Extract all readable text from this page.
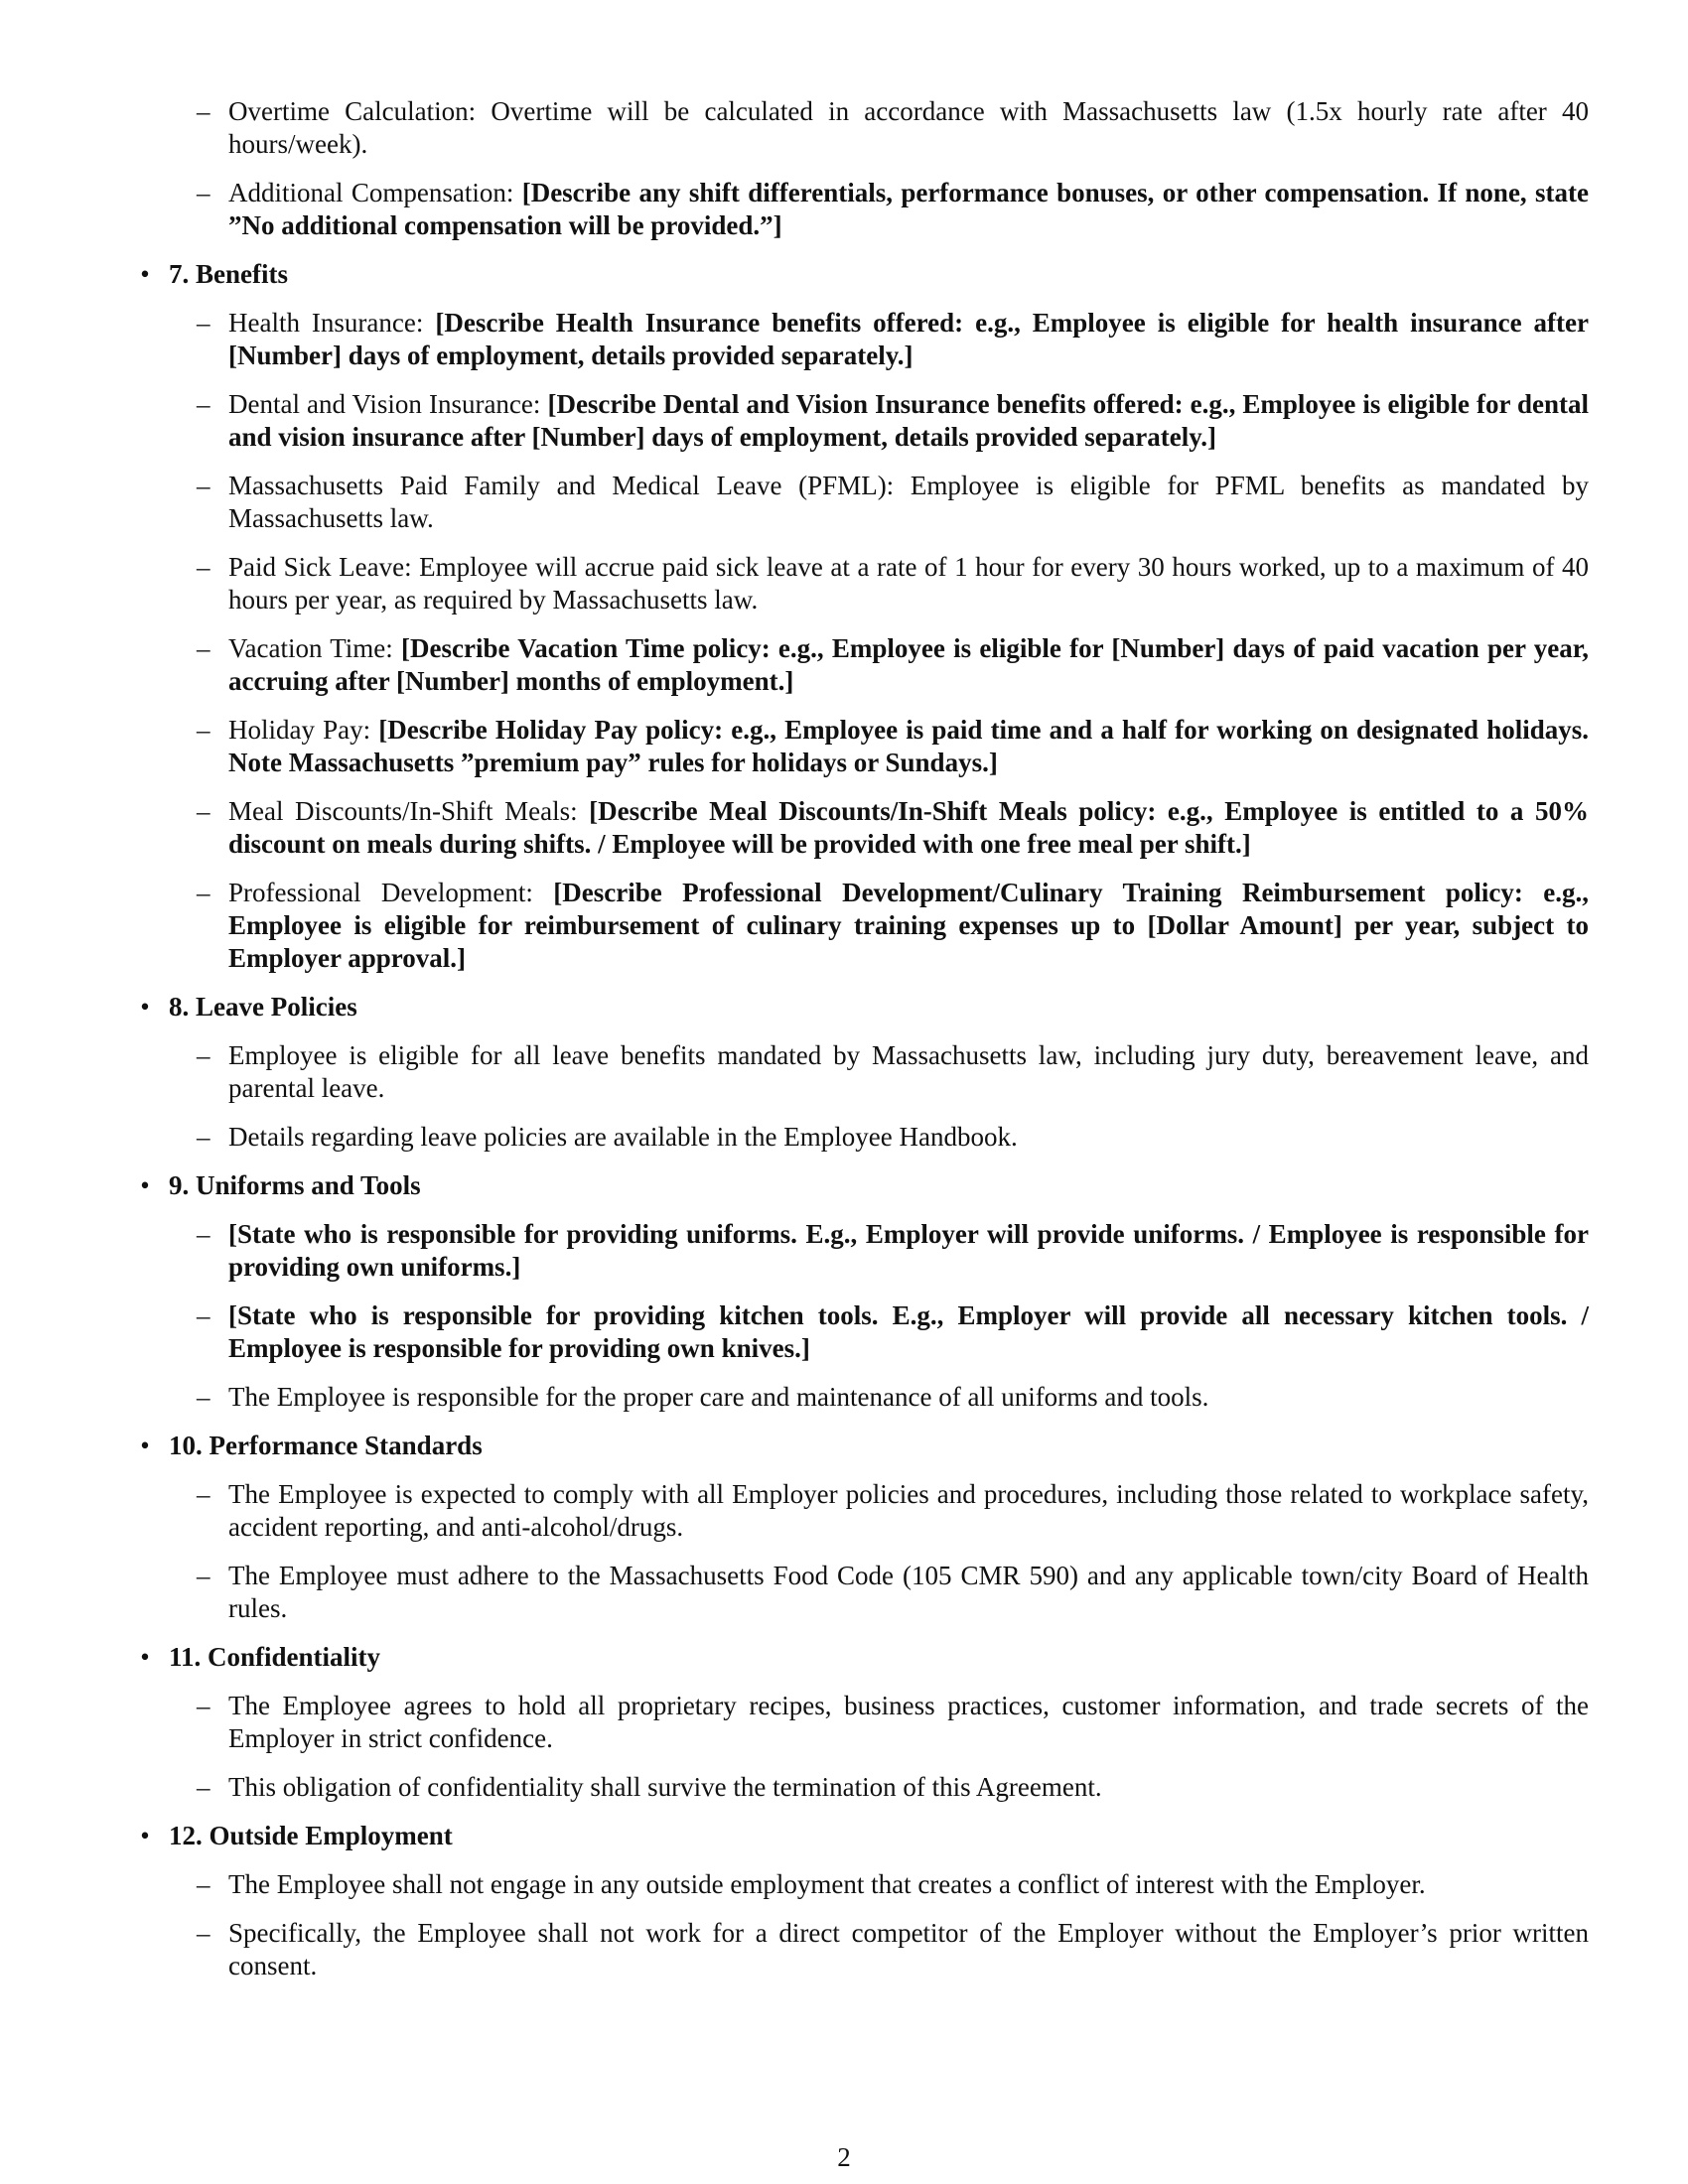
– Overtime Calculation: Overtime will be calculated in accordance with Massachusetts law (1.5x hourly rate after 40 hours/week).
– Additional Compensation: [Describe any shift differentials, performance bonuses, or other compensation. If none, state ”No additional compensation will be provided.”]
• 7. Benefits
– Health Insurance: [Describe Health Insurance benefits offered: e.g., Employee is eligible for health insurance after [Number] days of employment, details provided separately.]
– Dental and Vision Insurance: [Describe Dental and Vision Insurance benefits offered: e.g., Employee is eligible for dental and vision insurance after [Number] days of employment, details provided separately.]
– Massachusetts Paid Family and Medical Leave (PFML): Employee is eligible for PFML benefits as mandated by Massachusetts law.
– Paid Sick Leave: Employee will accrue paid sick leave at a rate of 1 hour for every 30 hours worked, up to a maximum of 40 hours per year, as required by Massachusetts law.
– Vacation Time: [Describe Vacation Time policy: e.g., Employee is eligible for [Number] days of paid vacation per year, accruing after [Number] months of employment.]
– Holiday Pay: [Describe Holiday Pay policy: e.g., Employee is paid time and a half for working on designated holidays. Note Massachusetts ”premium pay” rules for holidays or Sundays.]
– Meal Discounts/In-Shift Meals: [Describe Meal Discounts/In-Shift Meals policy: e.g., Employee is entitled to a 50% discount on meals during shifts. / Employee will be provided with one free meal per shift.]
– Professional Development: [Describe Professional Development/Culinary Training Reimbursement policy: e.g., Employee is eligible for reimbursement of culinary training expenses up to [Dollar Amount] per year, subject to Employer approval.]
• 8. Leave Policies
– Employee is eligible for all leave benefits mandated by Massachusetts law, including jury duty, bereavement leave, and parental leave.
– Details regarding leave policies are available in the Employee Handbook.
• 9. Uniforms and Tools
– [State who is responsible for providing uniforms. E.g., Employer will provide uniforms. / Employee is responsible for providing own uniforms.]
– [State who is responsible for providing kitchen tools. E.g., Employer will provide all necessary kitchen tools. / Employee is responsible for providing own knives.]
– The Employee is responsible for the proper care and maintenance of all uniforms and tools.
• 10. Performance Standards
– The Employee is expected to comply with all Employer policies and procedures, including those related to workplace safety, accident reporting, and anti-alcohol/drugs.
– The Employee must adhere to the Massachusetts Food Code (105 CMR 590) and any applicable town/city Board of Health rules.
• 11. Confidentiality
– The Employee agrees to hold all proprietary recipes, business practices, customer information, and trade secrets of the Employer in strict confidence.
– This obligation of confidentiality shall survive the termination of this Agreement.
• 12. Outside Employment
– The Employee shall not engage in any outside employment that creates a conflict of interest with the Employer.
– Specifically, the Employee shall not work for a direct competitor of the Employer without the Employer’s prior written consent.
2
